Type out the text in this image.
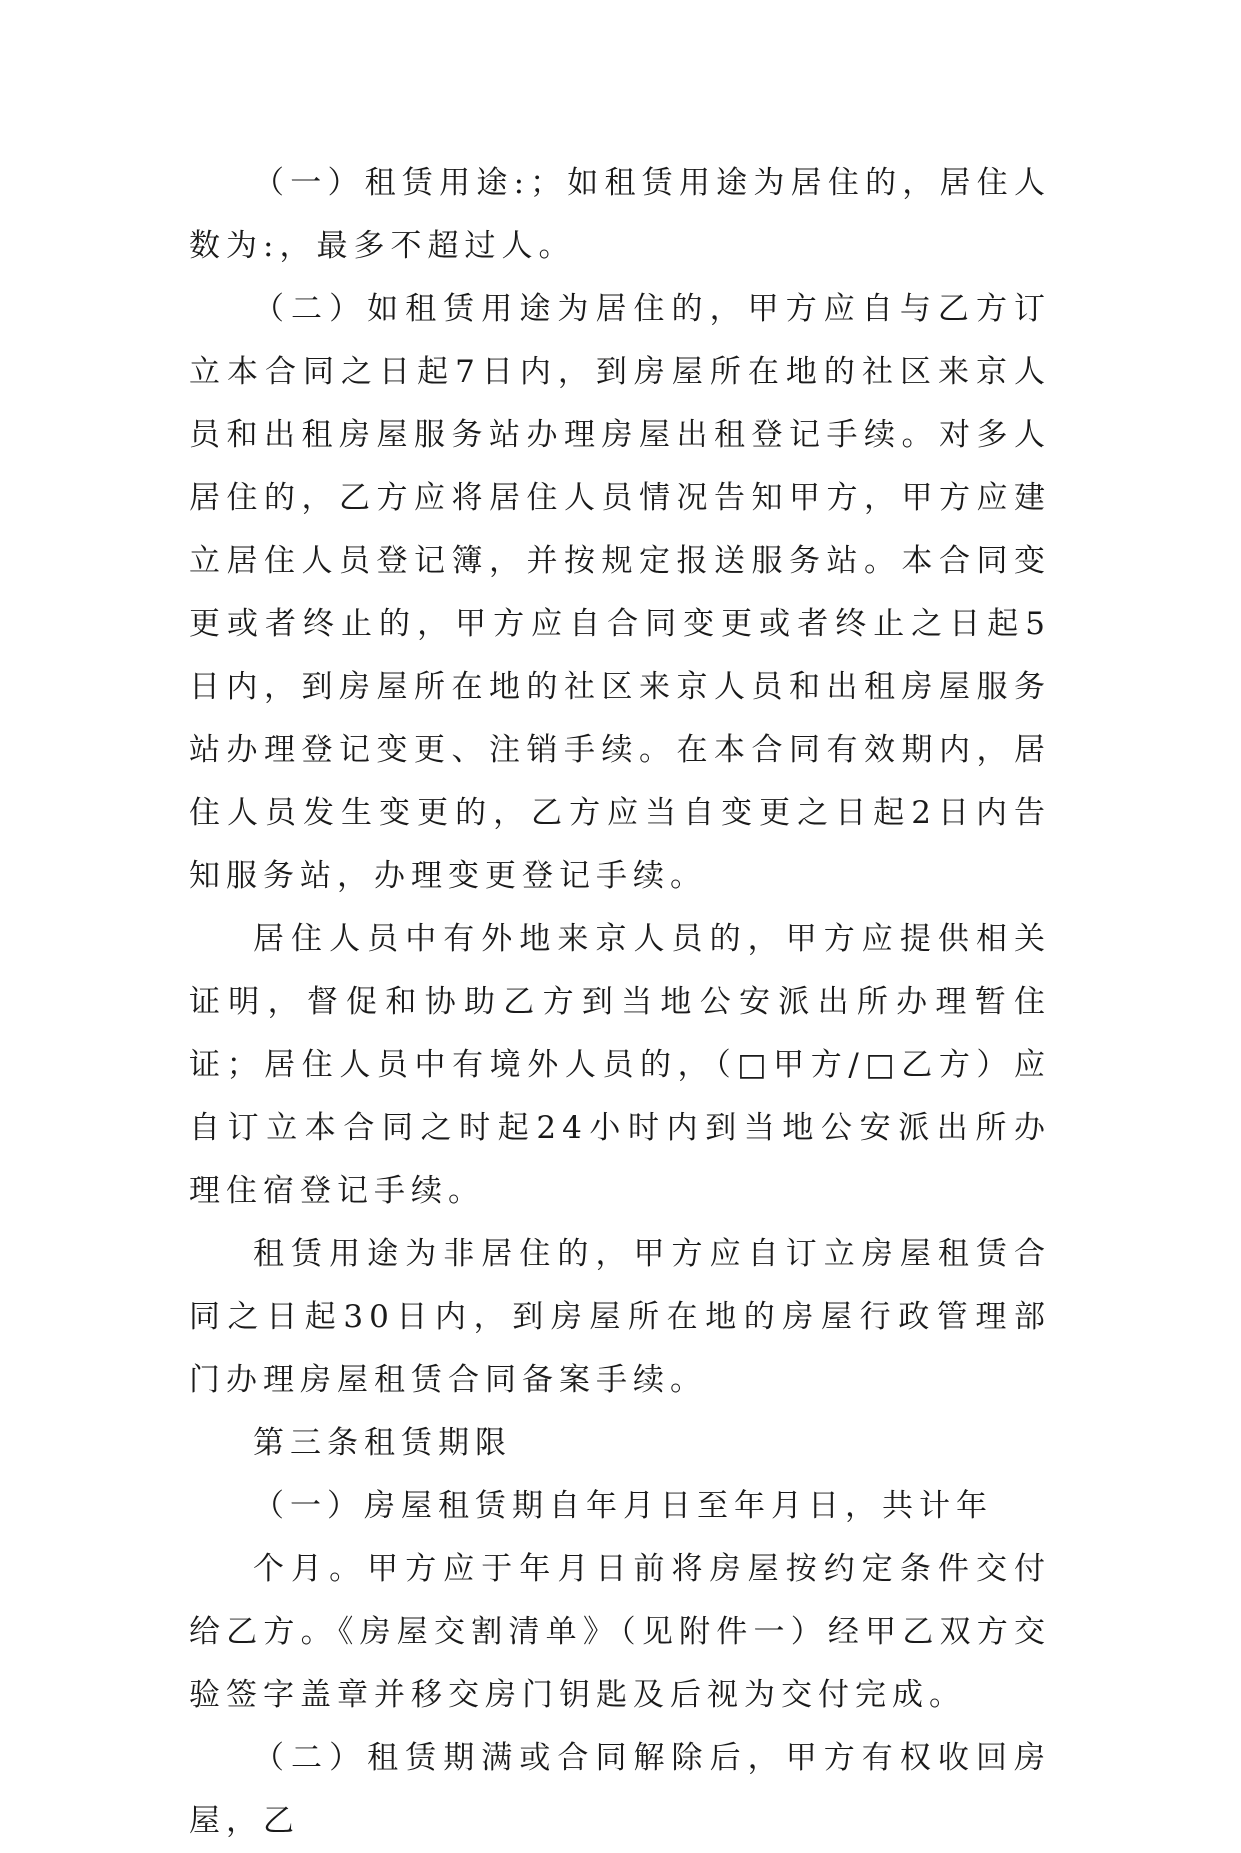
（一）租赁用途:；如租赁用途为居住的，居住人数为:，最多不超过人。

（二）如租赁用途为居住的，甲方应自与乙方订立本合同之日起7日内，到房屋所在地的社区来京人员和出租房屋服务站办理房屋出租登记手续。对多人居住的，乙方应将居住人员情况告知甲方，甲方应建立居住人员登记簿，并按规定报送服务站。本合同变更或者终止的，甲方应自合同变更或者终止之日起5日内，到房屋所在地的社区来京人员和出租房屋服务站办理登记变更、注销手续。在本合同有效期内，居住人员发生变更的，乙方应当自变更之日起2日内告知服务站，办理变更登记手续。

居住人员中有外地来京人员的，甲方应提供相关证明，督促和协助乙方到当地公安派出所办理暂住证；居住人员中有境外人员的，（□甲方/□乙方）应自订立本合同之时起24小时内到当地公安派出所办理住宿登记手续。

租赁用途为非居住的，甲方应自订立房屋租赁合同之日起30日内，到房屋所在地的房屋行政管理部门办理房屋租赁合同备案手续。

第三条租赁期限

（一）房屋租赁期自年月日至年月日，共计年

个月。甲方应于年月日前将房屋按约定条件交付给乙方。《房屋交割清单》（见附件一）经甲乙双方交验签字盖章并移交房门钥匙及后视为交付完成。

（二）租赁期满或合同解除后，甲方有权收回房屋，乙
